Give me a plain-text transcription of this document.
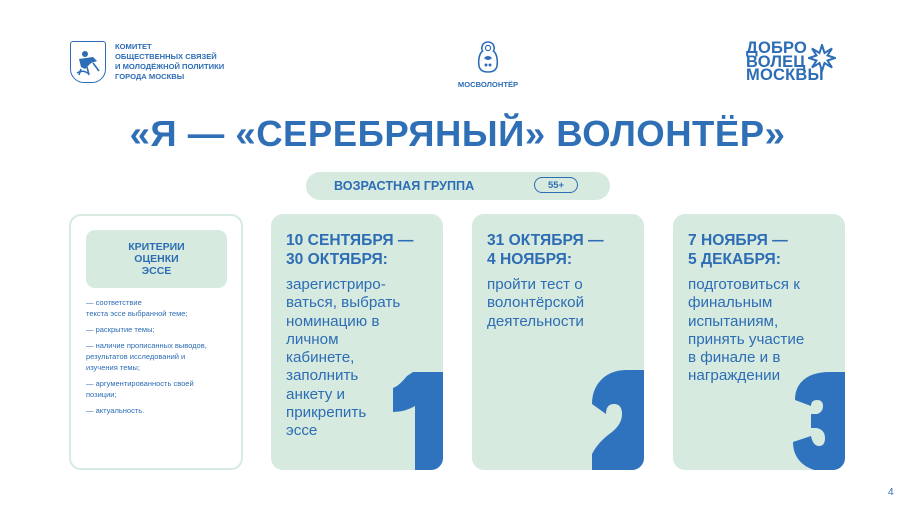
КОМИТЕТ
ОБЩЕСТВЕННЫХ СВЯЗЕЙ
И МОЛОДЁЖНОЙ ПОЛИТИКИ
ГОРОДА МОСКВЫ
МОСВОЛОНТЁР
ДОБРО
ВОЛЕЦ
МОСКВЫ
«Я — «СЕРЕБРЯНЫЙ» ВОЛОНТЁР»
ВОЗРАСТНАЯ ГРУППА	55+
КРИТЕРИИ
ОЦЕНКИ
ЭССЕ
— соответствие
текста эссе выбранной теме;
— раскрытие темы;
— наличие прописанных выводов,
результатов исследований и
изучения темы;
— аргументированность своей
позиции;
— актуальность.
10 СЕНТЯБРЯ —
30 ОКТЯБРЯ:
зарегистриро-
ваться, выбрать
номинацию в
личном
кабинете,
заполнить
анкету и
прикрепить
эссе
31 ОКТЯБРЯ —
4 НОЯБРЯ:
пройти тест о
волонтёрской
деятельности
7 НОЯБРЯ —
5 ДЕКАБРЯ:
подготовиться к
финальным
испытаниям,
принять участие
в финале и в
награждении
4
